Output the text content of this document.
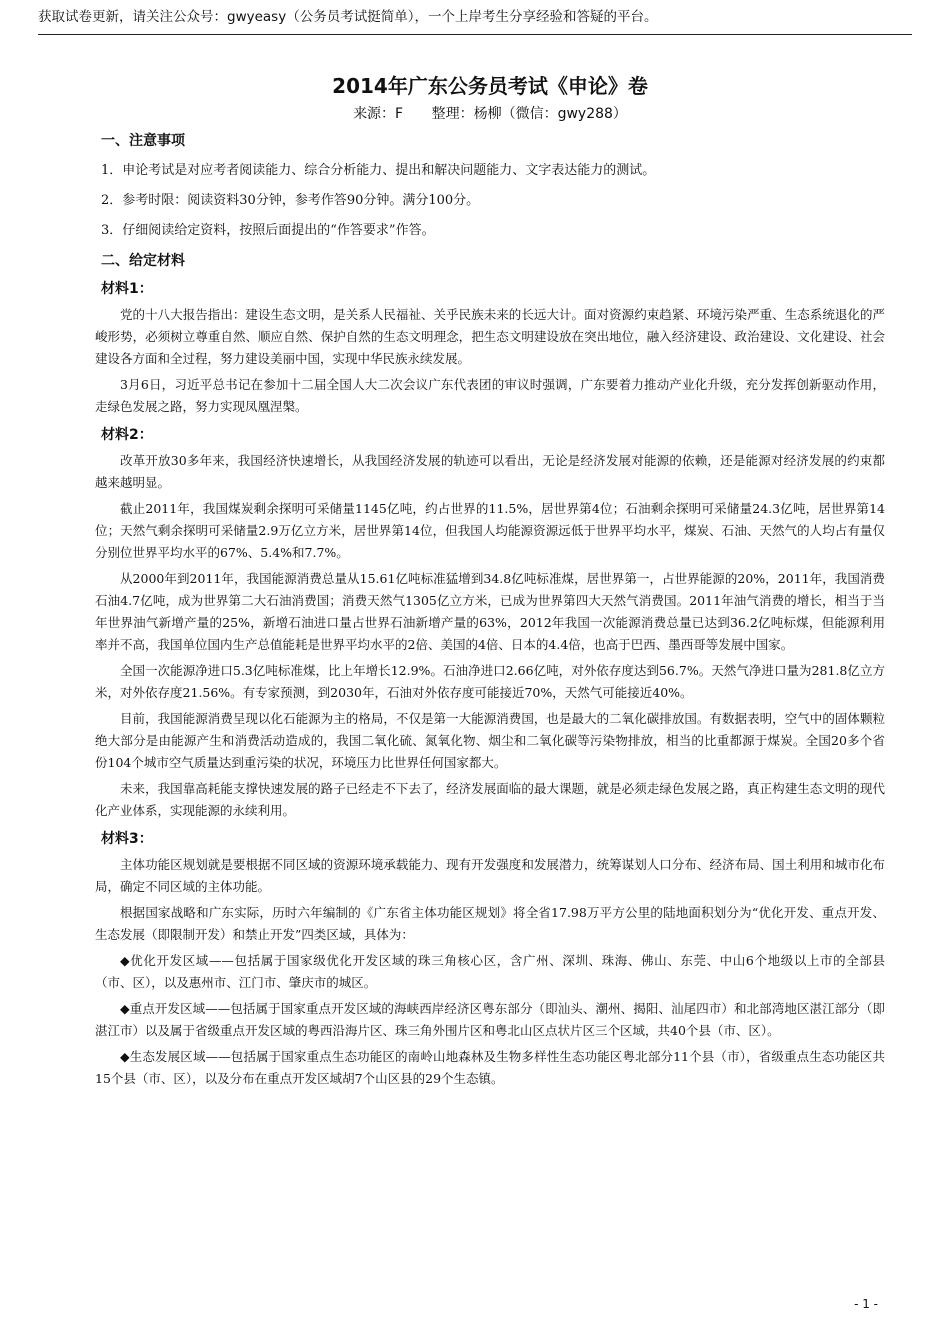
获取试卷更新，请关注公众号：gwyeasy（公务员考试挺简单），一个上岸考生分享经验和答疑的平台。
2014年广东公务员考试《申论》卷
来源：F 整理：杨柳（微信：gwy288）
一、注意事项
1．申论考试是对应考者阅读能力、综合分析能力、提出和解决问题能力、文字表达能力的测试。
2．参考时限：阅读资料30分钟，参考作答90分钟。满分100分。
3．仔细阅读给定资料，按照后面提出的“作答要求”作答。
二、给定材料
材料1：

党的十八大报告指出：建设生态文明，是关系人民福祉、关乎民族未来的长远大计。面对资源约束趋紧、环境污染严重、生态系统退化的严峻形势，必须树立尊重自然、顺应自然、保护自然的生态文明理念，把生态文明建设放在突出地位，融入经济建设、政治建设、文化建设、社会建设各方面和全过程，努力建设美丽中国，实现中华民族永续发展。

3月6日，习近平总书记在参加十二届全国人大二次会议广东代表团的审议时强调，广东要着力推动产业化升级，充分发挥创新驱动作用，走绿色发展之路，努力实现凤凰涅槃。

材料2：

改革开放30多年来，我国经济快速增长，从我国经济发展的轨迹可以看出，无论是经济发展对能源的依赖，还是能源对经济发展的约束都越来越明显。

截止2011年，我国煤炭剩余探明可采储量1145亿吨，约占世界的11.5%，居世界第4位；石油剩余探明可采储量24.3亿吨，居世界第14位；天然气剩余探明可采储量2.9万亿立方米，居世界第14位，但我国人均能源资源远低于世界平均水平，煤炭、石油、天然气的人均占有量仅分别位世界平均水平的67%、5.4%和7.7%。

从2000年到2011年，我国能源消费总量从15.61亿吨标准猛增到34.8亿吨标准煤，居世界第一，占世界能源的20%，2011年，我国消费石油4.7亿吨，成为世界第二大石油消费国；消费天然气1305亿立方米，已成为世界第四大天然气消费国。2011年油气消费的增长，相当于当年世界油气新增产量的25%，新增石油进口量占世界石油新增产量的63%，2012年我国一次能源消费总量已达到36.2亿吨标煤，但能源利用率并不高，我国单位国内生产总值能耗是世界平均水平的2倍、美国的4倍、日本的4.4倍，也高于巴西、墨西哥等发展中国家。

全国一次能源净进口5.3亿吨标准煤，比上年增长12.9%。石油净进口2.66亿吨，对外依存度达到56.7%。天然气净进口量为281.8亿立方米，对外依存度21.56%。有专家预测，到2030年，石油对外依存度可能接近70%，天然气可能接近40%。

目前，我国能源消费呈现以化石能源为主的格局，不仅是第一大能源消费国，也是最大的二氧化碳排放国。有数据表明，空气中的固体颗粒绝大部分是由能源产生和消费活动造成的，我国二氧化硫、氮氧化物、烟尘和二氧化碳等污染物排放，相当的比重都源于煤炭。全国20多个省份104个城市空气质量达到重污染的状况，环境压力比世界任何国家都大。

未来，我国靠高耗能支撑快速发展的路子已经走不下去了，经济发展面临的最大课题，就是必须走绿色发展之路，真正构建生态文明的现代化产业体系，实现能源的永续利用。

材料3：

主体功能区规划就是要根据不同区域的资源环境承载能力、现有开发强度和发展潜力，统筹谋划人口分布、经济布局、国土利用和城市化布局，确定不同区域的主体功能。

根据国家战略和广东实际，历时六年编制的《广东省主体功能区规划》将全省17.98万平方公里的陆地面积划分为“优化开发、重点开发、生态发展（即限制开发）和禁止开发”四类区域，具体为：

◆优化开发区域——包括属于国家级优化开发区域的珠三角核心区，含广州、深圳、珠海、佛山、东莞、中山6个地级以上市的全部县（市、区），以及惠州市、江门市、肇庆市的城区。

◆重点开发区域——包括属于国家重点开发区域的海峡西岸经济区粤东部分（即汕头、潮州、揭阳、汕尾四市）和北部湾地区湛江部分（即湛江市）以及属于省级重点开发区域的粤西沿海片区、珠三角外围片区和粤北山区点状片区三个区域，共40个县（市、区）。

◆生态发展区域——包括属于国家重点生态功能区的南岭山地森林及生物多样性生态功能区粤北部分11个县（市），省级重点生态功能区共15个县（市、区），以及分布在重点开发区域胡7个山区县的29个生态镇。

- 1 -
